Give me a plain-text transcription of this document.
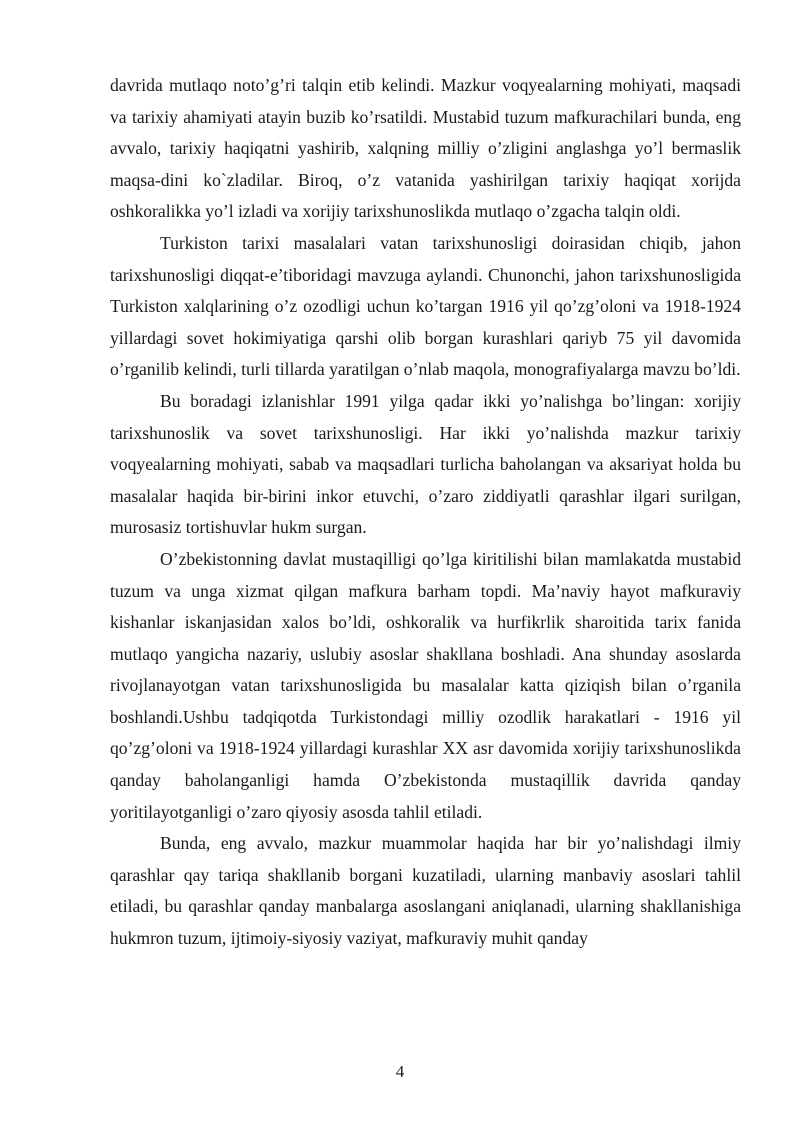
davrida mutlaqo noto’g’ri talqin etib kelindi. Mazkur voqyealarning mohiyati, maqsadi va tarixiy ahamiyati atayin buzib ko’rsatildi. Mustabid tuzum mafkurachilari bunda, eng avvalo, tarixiy haqiqatni yashirib, xalqning milliy o’zligini anglashga yo’l bermaslik maqsa-dini ko`zladilar. Biroq, o’z vatanida yashirilgan tarixiy haqiqat xorijda oshkoralikka yo’l izladi va xorijiy tarixshunoslikda mutlaqo o’zgacha talqin oldi.

Turkiston tarixi masalalari vatan tarixshunosligi doirasidan chiqib, jahon tarixshunosligi diqqat-e’tiboridagi mavzuga aylandi. Chunonchi, jahon tarixshunosligida Turkiston xalqlarining o’z ozodligi uchun ko’targan 1916 yil qo’zg’oloni va 1918-1924 yillardagi sovet hokimiyatiga qarshi olib borgan kurashlari qariyb 75 yil davomida o’rganilib kelindi, turli tillarda yaratilgan o’nlab maqola, monografiyalarga mavzu bo’ldi.

Bu boradagi izlanishlar 1991 yilga qadar ikki yo’nalishga bo’lingan: xorijiy tarixshunoslik va sovet tarixshunosligi. Har ikki yo’nalishda mazkur tarixiy voqyealarning mohiyati, sabab va maqsadlari turlicha baholangan va aksariyat holda bu masalalar haqida bir-birini inkor etuvchi, o’zaro ziddiyatli qarashlar ilgari surilgan, murosasiz tortishuvlar hukm surgan.

O’zbekistonning davlat mustaqilligi qo’lga kiritilishi bilan mamlakatda mustabid tuzum va unga xizmat qilgan mafkura barham topdi. Ma’naviy hayot mafkuraviy kishanlar iskanjasidan xalos bo’ldi, oshkoralik va hurfikrlik sharoitida tarix fanida mutlaqo yangicha nazariy, uslubiy asoslar shakllana boshladi. Ana shunday asoslarda rivojlanayotgan vatan tarixshunosligida bu masalalar katta qiziqish bilan o’rganila boshlandi.Ushbu tadqiqotda Turkistondagi milliy ozodlik harakatlari - 1916 yil qo’zg’oloni va 1918-1924 yillardagi kurashlar XX asr davomida xorijiy tarixshunoslikda qanday baholanganligi hamda O’zbekistonda mustaqillik davrida qanday yoritilayotganligi o’zaro qiyosiy asosda tahlil etiladi.

Bunda, eng avvalo, mazkur muammolar haqida har bir yo’nalishdagi ilmiy qarashlar qay tariqa shakllanib borgani kuzatiladi, ularning manbaviy asoslari tahlil etiladi, bu qarashlar qanday manbalarga asoslangani aniqlanadi, ularning shakllanishiga hukmron tuzum, ijtimoiy-siyosiy vaziyat, mafkuraviy muhit qanday

4
